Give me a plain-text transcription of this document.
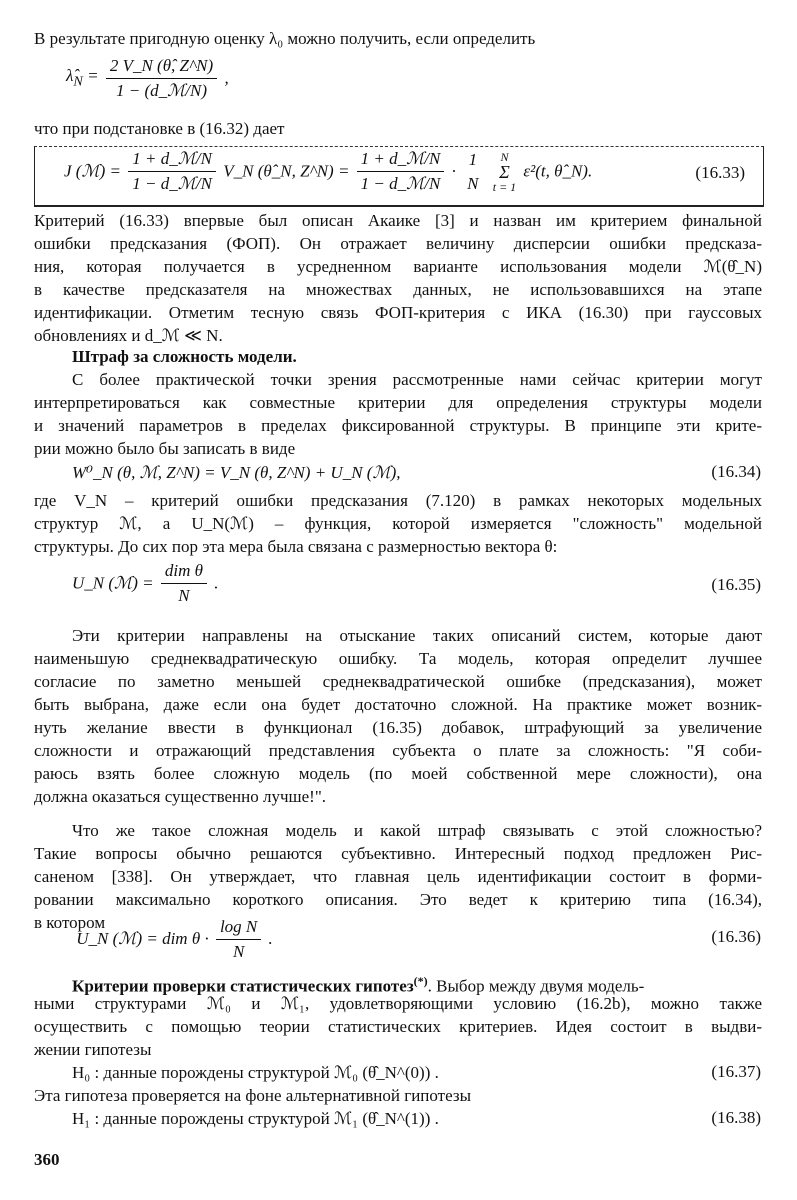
В результате пригодную оценку λ₀ можно получить, если определить
$\lambdâ_N = \frac{2 V\_N (\thetâ, Z\^{}N)}{\text{1 − (d\_ℳ/N)}}$ ,
что при подстановке в (16.32) дает
J (ℳ) = $\frac{\text{1 + d\_ℳ/N}}{\text{1 − d\_ℳ/N}}$ V_N (θ̂_N, Z^N) = $\frac{\text{1 + d\_ℳ/N}}{\text{1 − d\_ℳ/N}}$ ·
1
N
N
Σ
t = 1 ε²(t, θ̂_N).	(16.33)
Критерий (16.33) впервые был описан Акаике [3] и назван им критерием финальной
ошибки предсказания (ФОП). Он отражает величину дисперсии ошибки предсказа-
ния, которая получается в усредненном варианте использования модели ℳ(θ̂_N)
в качестве предсказателя на множествах данных, не использовавшихся на этапе
идентификации. Отметим тесную связь ФОП-критерия с ИКА (16.30) при гауссовых
обновлениях и d_ℳ ≪ N.
Штраф за сложность модели.
С более практической точки зрения рассмотренные нами сейчас критерии могут
интерпретироваться как совместные критерии для определения структуры модели
и значений параметров в пределах фиксированной структуры. В принципе эти крите-
рии можно было бы записать в виде
W⁰_N (θ, ℳ, Z^N) = V_N (θ, Z^N) + U_N (ℳ),	(16.34)
где V_N – критерий ошибки предсказания (7.120) в рамках некоторых модельных
структур ℳ, а U_N(ℳ) – функция, которой измеряется "сложность" модельной
структуры. До сих пор эта мера была связана с размерностью вектора θ:
U_N (ℳ) = $\frac{\text{dim θ}}{N}$ .	(16.35)
Эти критерии направлены на отыскание таких описаний систем, которые дают
наименьшую среднеквадратическую ошибку. Та модель, которая определит лучшее
согласие по заметно меньшей среднеквадратической ошибке (предсказания), может
быть выбрана, даже если она будет достаточно сложной. На практике может возник-
нуть желание ввести в функционал (16.35) добавок, штрафующий за увеличение
сложности и отражающий представления субъекта о плате за сложность: "Я соби-
раюсь взять более сложную модель (по моей собственной мере сложности), она
должна оказаться существенно лучше!".
Что же такое сложная модель и какой штраф связывать с этой сложностью?
Такие вопросы обычно решаются субъективно. Интересный подход предложен Рис-
саненом [338]. Он утверждает, что главная цель идентификации состоит в форми-
ровании максимально короткого описания. Это ведет к критерию типа (16.34),
в котором
U_N (ℳ) = dim $\theta \cdot \frac{\text{log N}}{N}$ .	(16.36)
Критерии проверки статистических гипотез(*). Выбор между двумя модель-
ными структурами ℳ₀ и ℳ₁, удовлетворяющими условию (16.2b), можно также
осуществить с помощью теории статистических критериев. Идея состоит в выдви-
жении гипотезы
H₀ : данные порождены структурой ℳ₀ (θ̂_N^(0)) .	(16.37)
Эта гипотеза проверяется на фоне альтернативной гипотезы
H₁ : данные порождены структурой ℳ₁ (θ̂_N^(1)) .	(16.38)
360
